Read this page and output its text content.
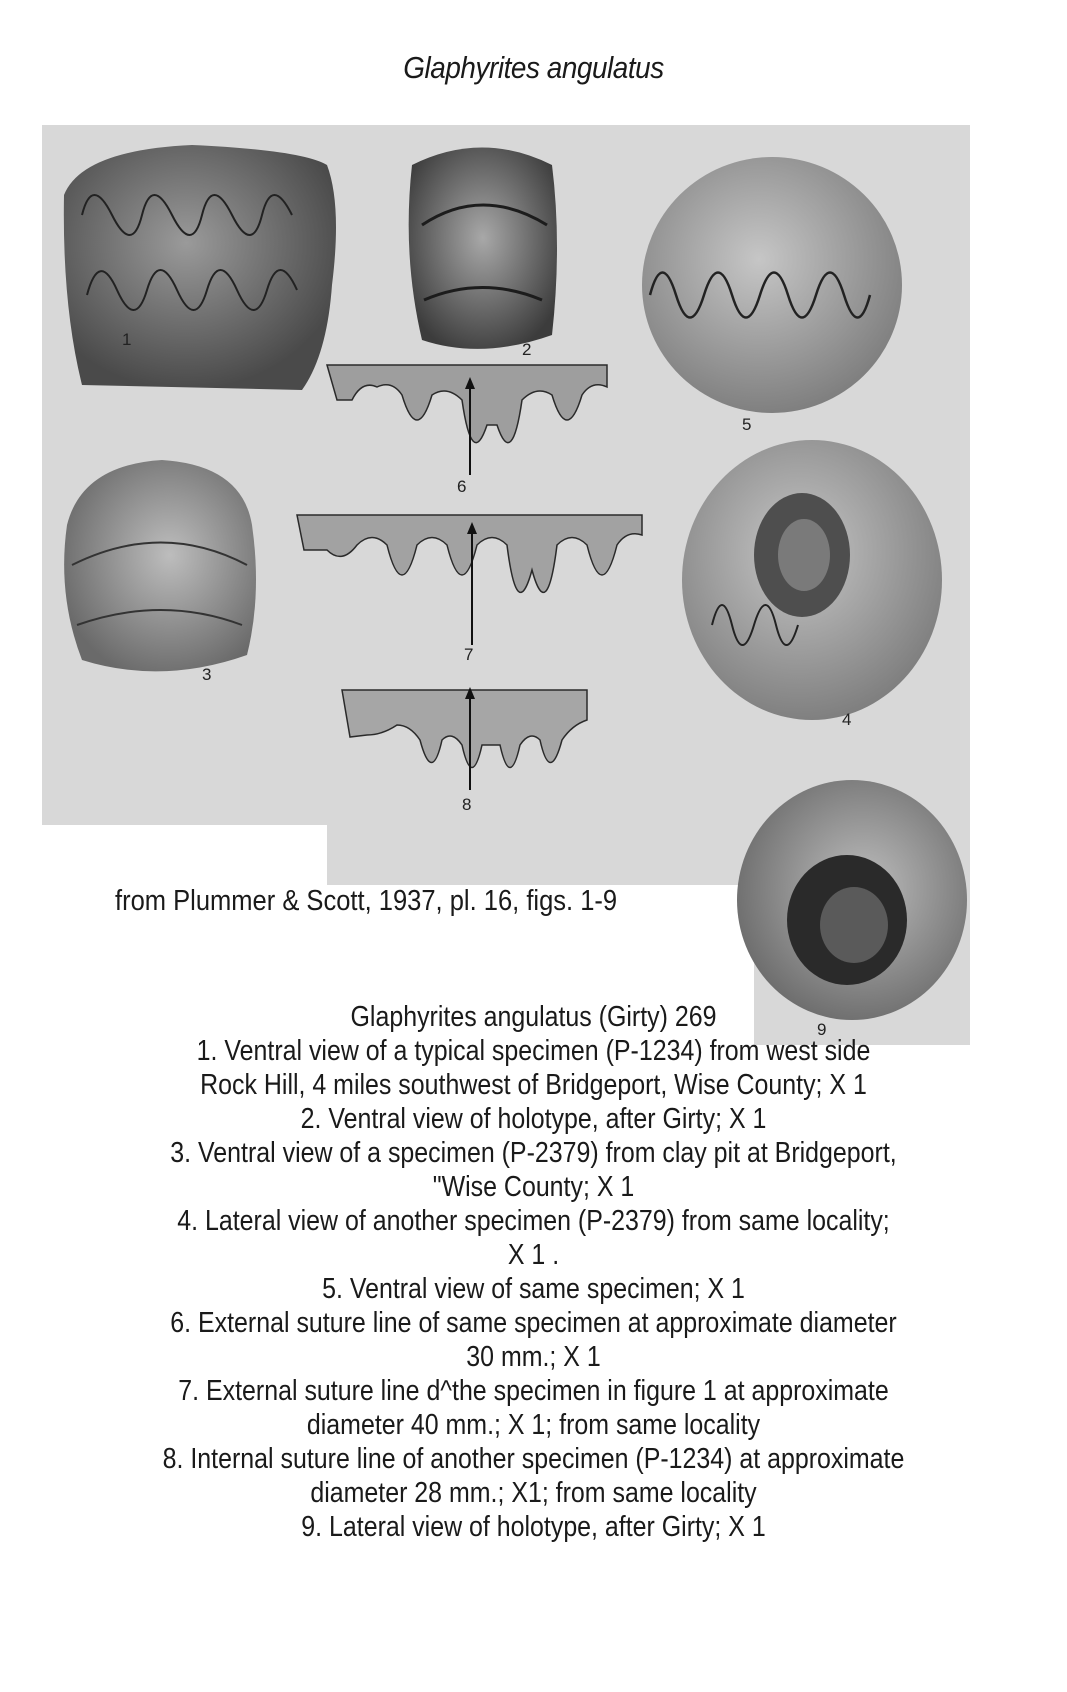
Glaphyrites angulatus
1
2
3
4
5
6
7
8
9
from Plummer & Scott, 1937, pl. 16, figs. 1-9
Glaphyrites angulatus (Girty) 269
1. Ventral view of a typical specimen (P-1234) from west side
Rock Hill, 4 miles southwest of Bridgeport, Wise County; X 1
2. Ventral view of holotype, after Girty; X 1
3. Ventral view of a specimen (P-2379) from clay pit at Bridgeport,
"Wise County; X 1
4. Lateral view of another specimen (P-2379) from same locality;
X 1 .
5. Ventral view of same specimen; X 1
6. External suture line of same specimen at approximate diameter
30 mm.; X 1
7. External suture line d^the specimen in figure 1 at approximate
diameter 40 mm.; X 1; from same locality
8. Internal suture line of another specimen (P-1234) at approximate
diameter 28 mm.; X1; from same locality
9. Lateral view of holotype, after Girty; X 1
